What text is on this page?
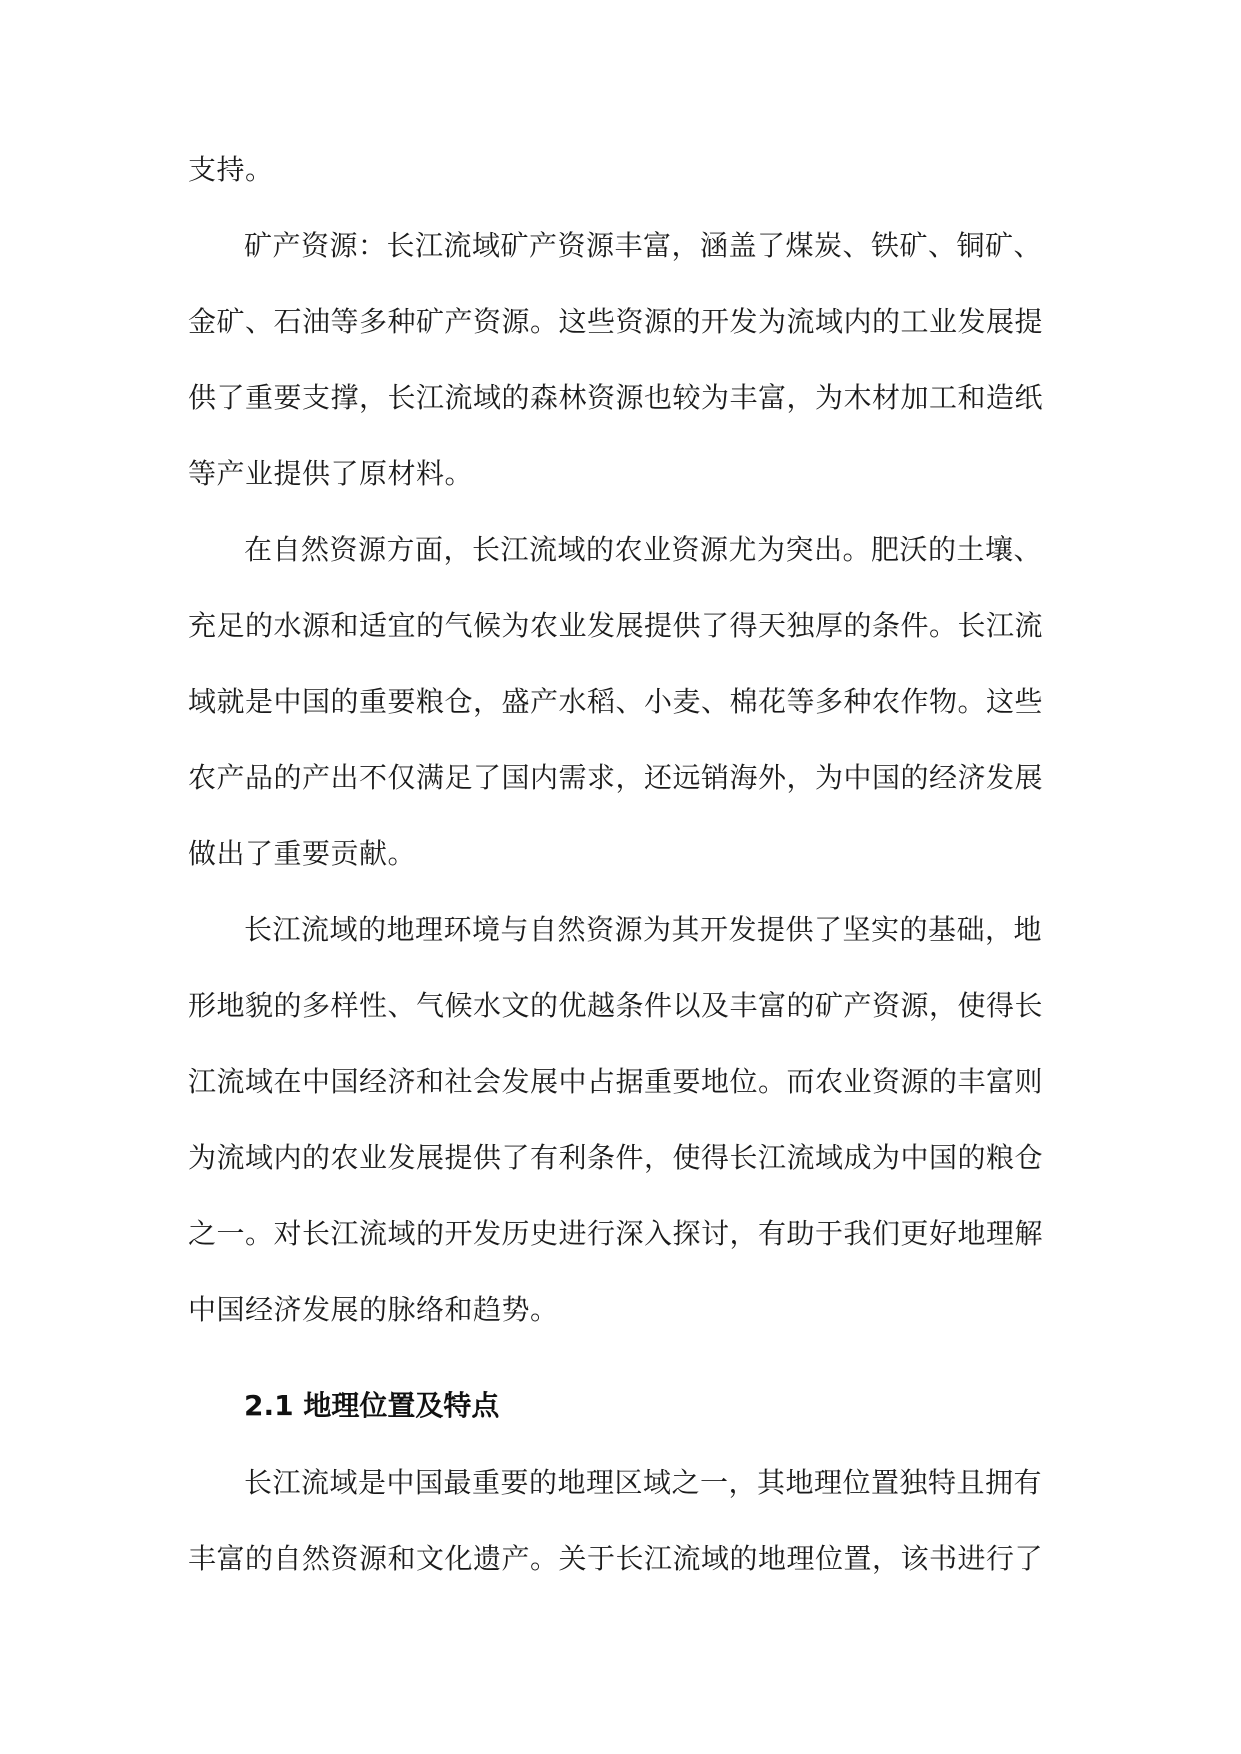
支持。
矿产资源：长江流域矿产资源丰富，涵盖了煤炭、铁矿、铜矿、
金矿、石油等多种矿产资源。这些资源的开发为流域内的工业发展提
供了重要支撑，长江流域的森林资源也较为丰富，为木材加工和造纸
等产业提供了原材料。
在自然资源方面，长江流域的农业资源尤为突出。肥沃的土壤、
充足的水源和适宜的气候为农业发展提供了得天独厚的条件。长江流
域就是中国的重要粮仓，盛产水稻、小麦、棉花等多种农作物。这些
农产品的产出不仅满足了国内需求，还远销海外，为中国的经济发展
做出了重要贡献。
长江流域的地理环境与自然资源为其开发提供了坚实的基础，地
形地貌的多样性、气候水文的优越条件以及丰富的矿产资源，使得长
江流域在中国经济和社会发展中占据重要地位。而农业资源的丰富则
为流域内的农业发展提供了有利条件，使得长江流域成为中国的粮仓
之一。对长江流域的开发历史进行深入探讨，有助于我们更好地理解
中国经济发展的脉络和趋势。
2.1 地理位置及特点
长江流域是中国最重要的地理区域之一，其地理位置独特且拥有
丰富的自然资源和文化遗产。关于长江流域的地理位置，该书进行了
